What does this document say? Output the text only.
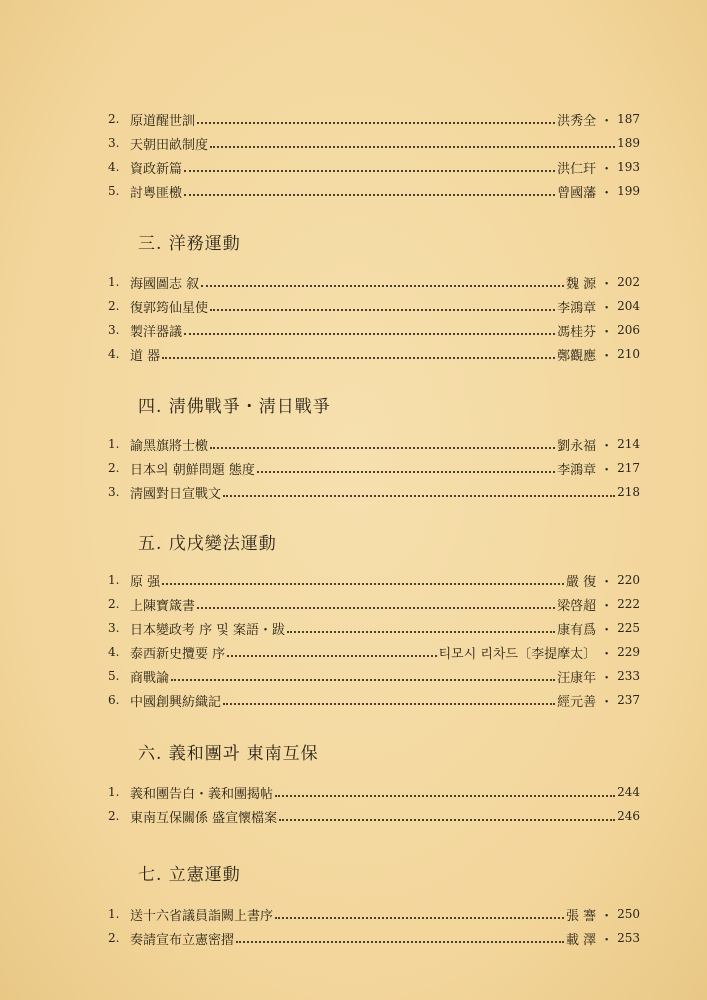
2. 原道醒世訓	洪秀全 ・ 187
3. 天朝田畝制度	189
4. 資政新篇	洪仁玕 ・ 193
5. 討粵匪檄	曾國藩 ・ 199
三. 洋務運動
1. 海國圖志 叙	魏 源 ・ 202
2. 復郭筠仙星使	李鴻章 ・ 204
3. 製洋器議	馮桂芬 ・ 206
4. 道 器	鄭觀應 ・ 210
四. 淸佛戰爭・淸日戰爭
1. 諭黑旗將士檄	劉永福 ・ 214
2. 日本의 朝鮮問題 態度	李鴻章 ・ 217
3. 淸國對日宣戰文	218
五. 戊戌變法運動
1. 原 强	嚴 復 ・ 220
2. 上陳寶箴書	梁啓超 ・ 222
3. 日本變政考 序 및 案語・跋	康有爲 ・ 225
4. 泰西新史攬要 序	티모시 리차드〔李提摩太〕 ・ 229
5. 商戰論	汪康年 ・ 233
6. 中國創興紡織記	經元善 ・ 237
六. 義和團과 東南互保
1. 義和團告白・義和團揭帖	244
2. 東南互保關係 盛宣懷檔案	246
七. 立憲運動
1. 送十六省議員詣闕上書序	張 謇 ・ 250
2. 奏請宣布立憲密摺	載 澤 ・ 253
